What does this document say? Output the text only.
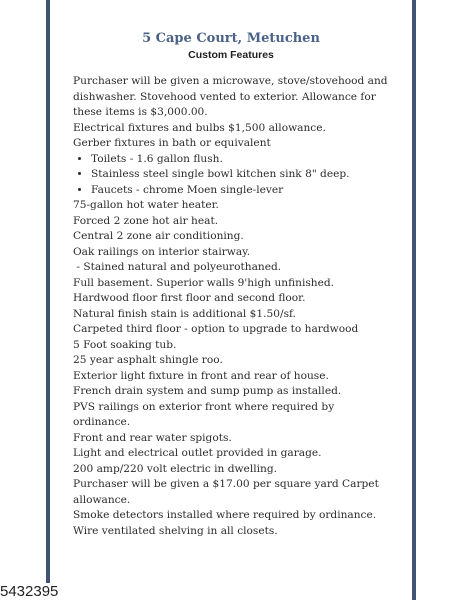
5 Cape Court, Metuchen
Custom Features

Purchaser will be given a microwave, stove/stovehood and dishwasher. Stovehood vented to exterior. Allowance for these items is $3,000.00.

Electrical fixtures and bulbs $1,500 allowance.

Gerber fixtures in bath or equivalent

• Toilets - 1.6 gallon flush.
• Stainless steel single bowl kitchen sink 8" deep.
• Faucets - chrome Moen single-lever

75-gallon hot water heater.

Forced 2 zone hot air heat.

Central 2 zone air conditioning.

Oak railings on interior stairway.

- Stained natural and polyeurothaned.

Full basement. Superior walls 9'high unfinished.

Hardwood floor first floor and second floor.

Natural finish stain is additional $1.50/sf.

Carpeted third floor - option to upgrade to hardwood

5 Foot soaking tub.

25 year asphalt shingle roo.

Exterior light fixture in front and rear of house.

French drain system and sump pump as installed.

PVS railings on exterior front where required by ordinance.

Front and rear water spigots.

Light and electrical outlet provided in garage.

200 amp/220 volt electric in dwelling.

Purchaser will be given a $17.00 per square yard Carpet allowance.

Smoke detectors installed where required by ordinance.

Wire ventilated shelving in all closets.

5432395
